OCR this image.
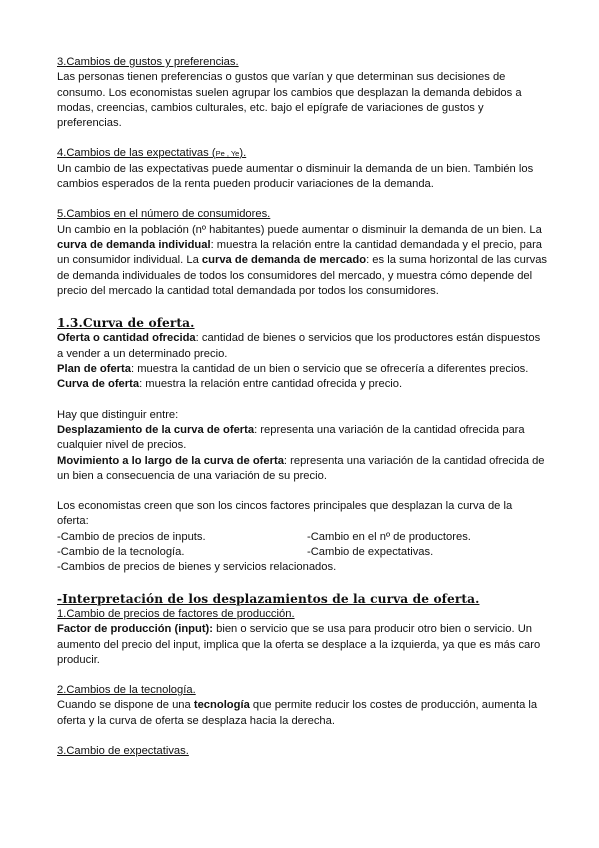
3.Cambios de gustos y preferencias.

Las personas tienen preferencias o gustos que varían y que determinan sus decisiones de consumo. Los economistas suelen agrupar los cambios que desplazan la demanda debidos a modas, creencias, cambios culturales, etc. bajo el epígrafe de variaciones de gustos y preferencias.

4.Cambios de las expectativas (Pe , Ye).

Un cambio de las expectativas puede aumentar o disminuir la demanda de un bien. También los cambios esperados de la renta pueden producir variaciones de la demanda.

5.Cambios en el número de consumidores.

Un cambio en la población (nº habitantes) puede aumentar o disminuir la demanda de un bien. La curva de demanda individual: muestra la relación entre la cantidad demandada y el precio, para un consumidor individual. La curva de demanda de mercado: es la suma horizontal de las curvas de demanda individuales de todos los consumidores del mercado, y muestra cómo depende del precio del mercado la cantidad total demandada por todos los consumidores.

1.3.Curva de oferta.

Oferta o cantidad ofrecida: cantidad de bienes o servicios que los productores están dispuestos a vender a un determinado precio.

Plan de oferta: muestra la cantidad de un bien o servicio que se ofrecería a diferentes precios.

Curva de oferta: muestra la relación entre cantidad ofrecida y precio.

Hay que distinguir entre:

Desplazamiento de la curva de oferta: representa una variación de la cantidad ofrecida para cualquier nivel de precios.

Movimiento a lo largo de la curva de oferta: representa una variación de la cantidad ofrecida de un bien a consecuencia de una variación de su precio.

Los economistas creen que son los cincos factores principales que desplazan la curva de la oferta:

-Cambio de precios de inputs.	-Cambio en el nº de productores.
-Cambio de la tecnología.	-Cambio de expectativas.

-Cambios de precios de bienes y servicios relacionados.

-Interpretación de los desplazamientos de la curva de oferta.

1.Cambio de precios de factores de producción.

Factor de producción (input): bien o servicio que se usa para producir otro bien o servicio. Un aumento del precio del input, implica que la oferta se desplace a la izquierda, ya que es más caro producir.

2.Cambios de la tecnología.

Cuando se dispone de una tecnología que permite reducir los costes de producción, aumenta la oferta y la curva de oferta se desplaza hacia la derecha.

3.Cambio de expectativas.
